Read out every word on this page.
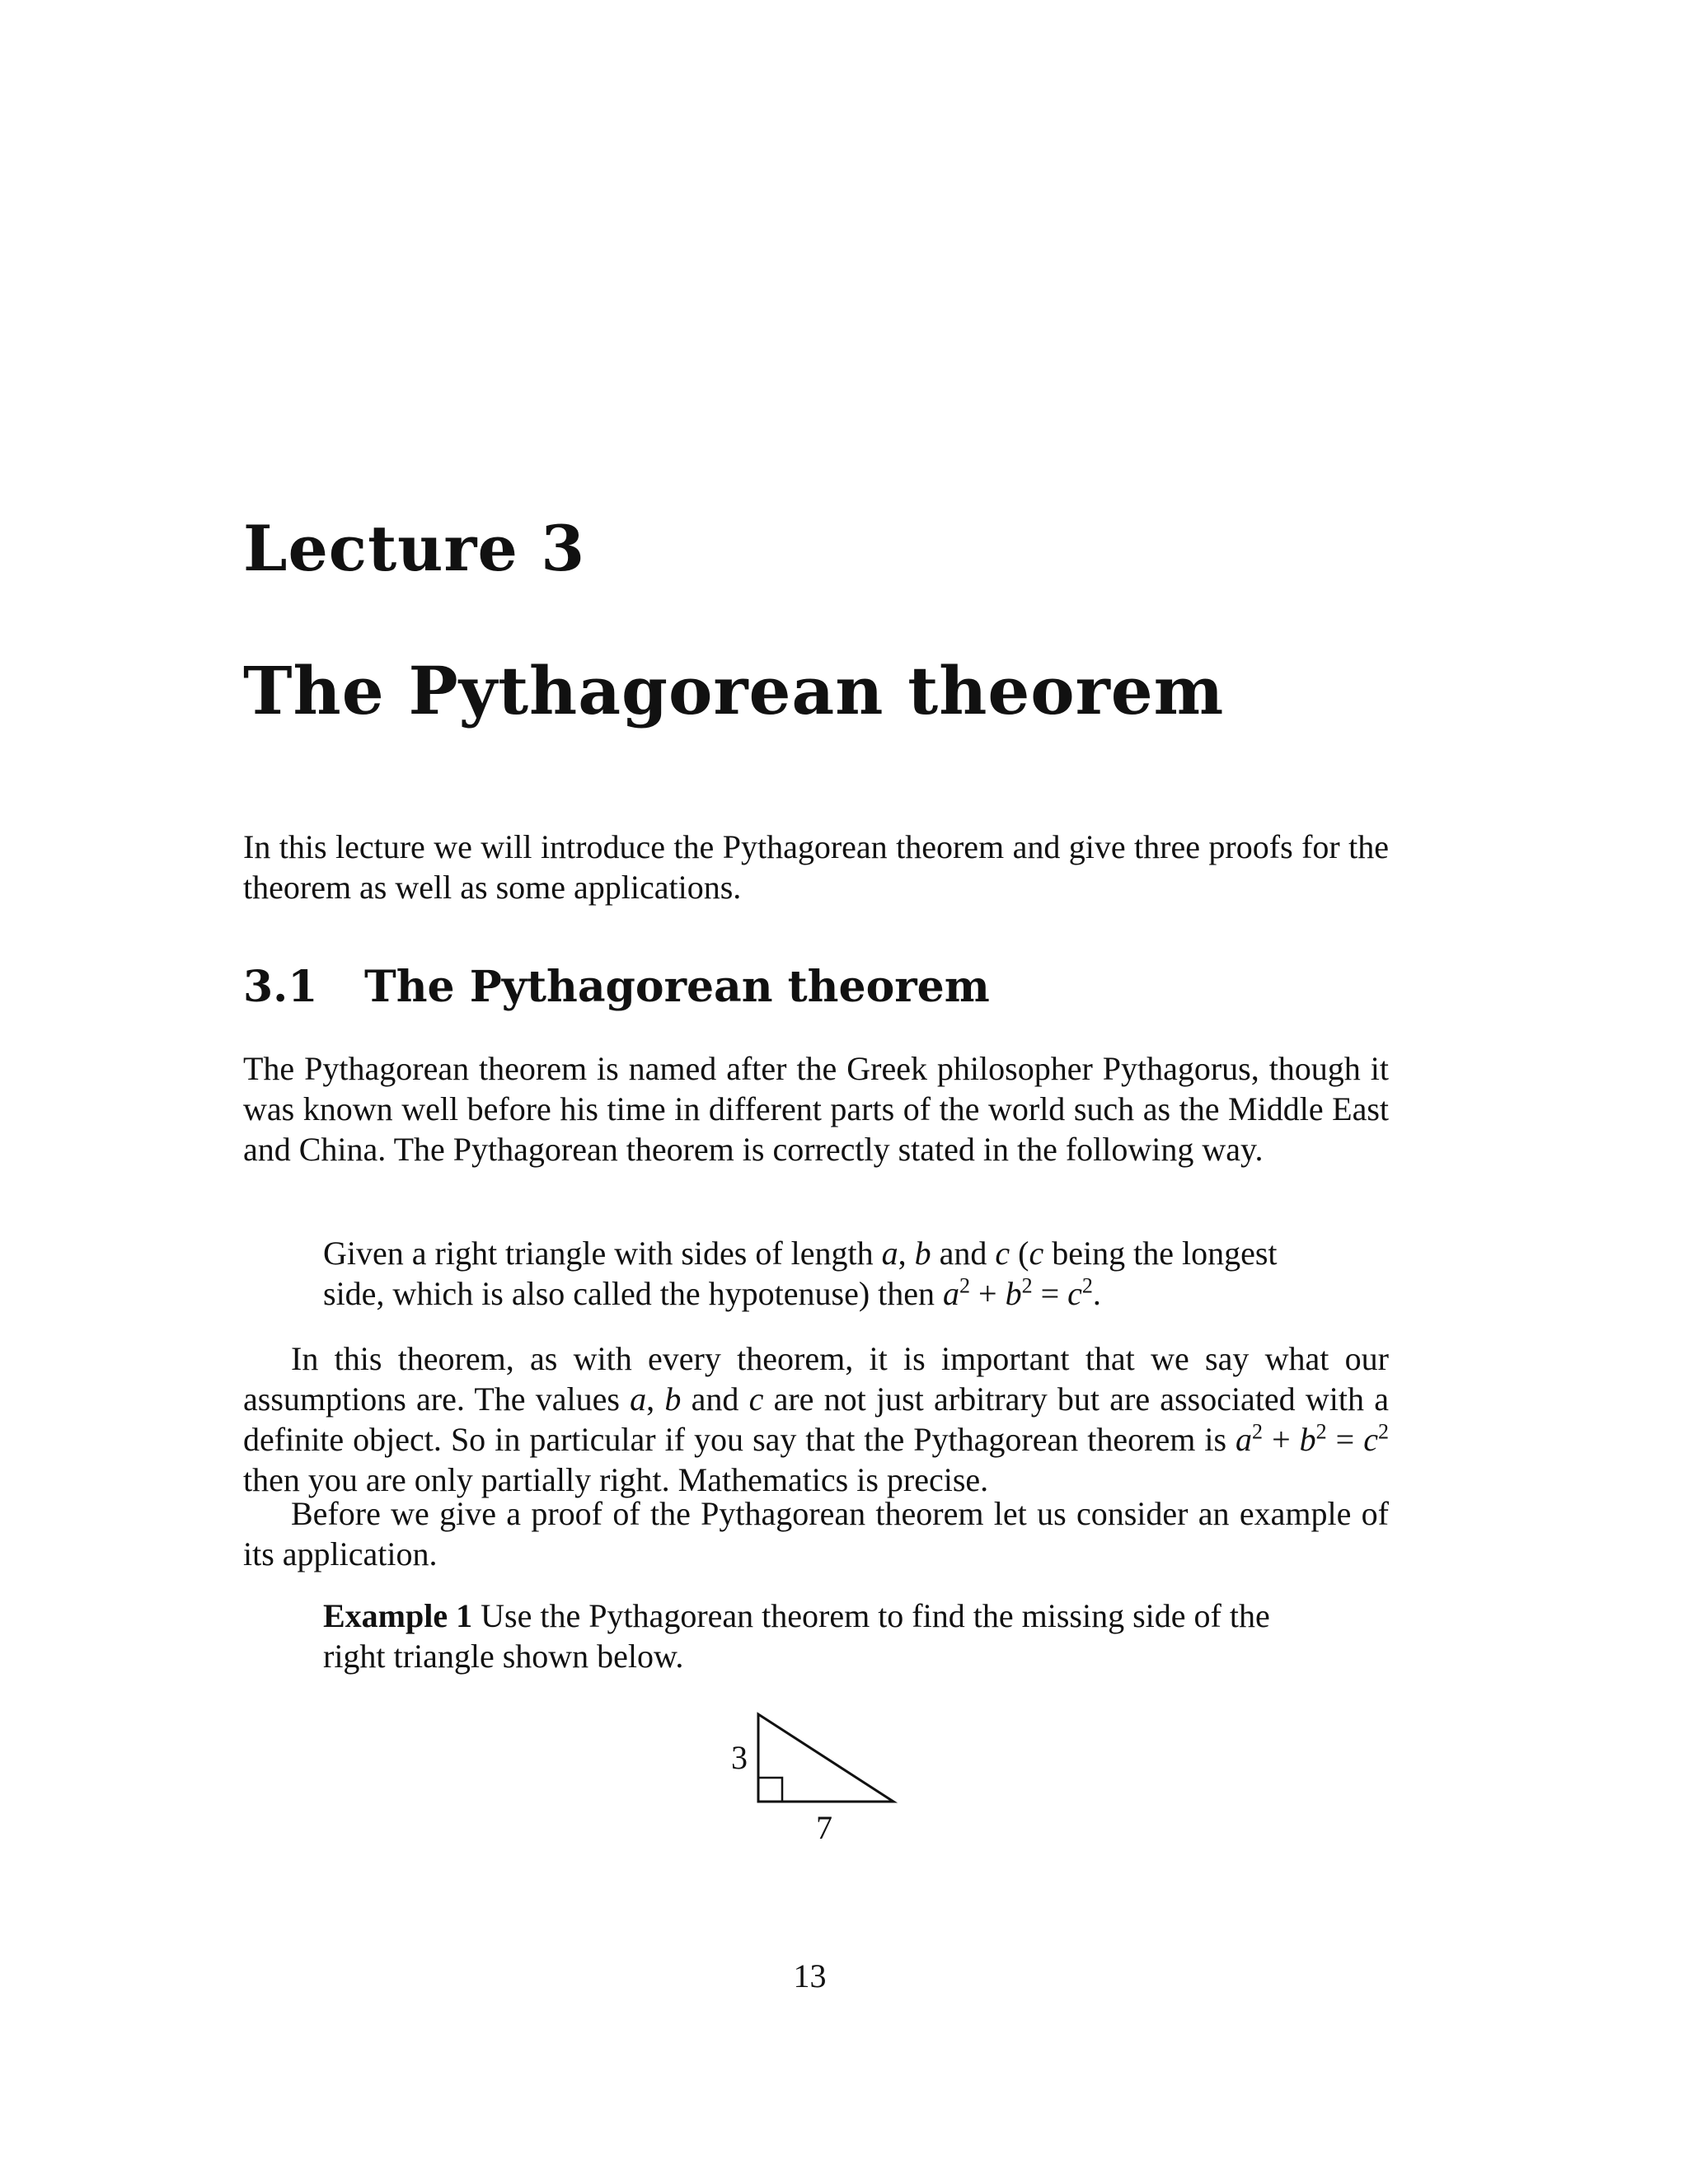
Lecture 3
The Pythagorean theorem

In this lecture we will introduce the Pythagorean theorem and give three proofs for the theorem as well as some applications.

3.1 The Pythagorean theorem

The Pythagorean theorem is named after the Greek philosopher Pythagorus, though it was known well before his time in different parts of the world such as the Middle East and China. The Pythagorean theorem is correctly stated in the following way.

Given a right triangle with sides of length a, b and c (c being the longest side, which is also called the hypotenuse) then $a^2 + b^2 = c^2$.

In this theorem, as with every theorem, it is important that we say what our assumptions are. The values a, b and c are not just arbitrary but are associated with a definite object. So in particular if you say that the Pythagorean theorem is $a^2 + b^2 = c^2$ then you are only partially right. Mathematics is precise.

Before we give a proof of the Pythagorean theorem let us consider an example of its application.

Example 1 Use the Pythagorean theorem to find the missing side of the right triangle shown below.

3
7

13
